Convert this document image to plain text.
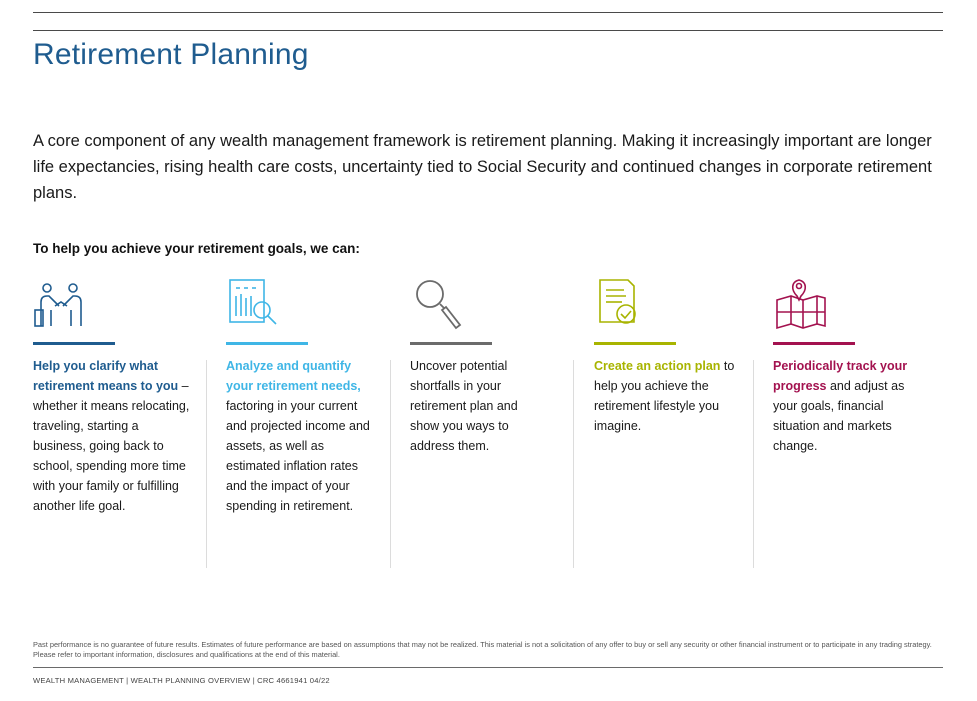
Retirement Planning

A core component of any wealth management framework is retirement planning. Making it increasingly important are longer life expectancies, rising health care costs, uncertainty tied to Social Security and continued changes in corporate retirement plans.

To help you achieve your retirement goals, we can:

Help you clarify what retirement means to you –whether it means relocating, traveling, starting a business, going back to school, spending more time with your family or fulfilling another life goal.
Analyze and quantify your retirement needs, factoring in your current and projected income and assets, as well as estimated inflation rates and the impact of your spending in retirement.
Uncover potential shortfalls in your retirement plan and show you ways to address them.
Create an action plan to help you achieve the retirement lifestyle you imagine.
Periodically track your progress and adjust as your goals, financial situation and markets change.

Past performance is no guarantee of future results. Estimates of future performance are based on assumptions that may not be realized. This material is not a solicitation of any offer to buy or sell any security or other financial instrument or to participate in any trading strategy. Please refer to important information, disclosures and qualifications at the end of this material.

WEALTH MANAGEMENT | WEALTH PLANNING OVERVIEW | CRC 4661941 04/22
